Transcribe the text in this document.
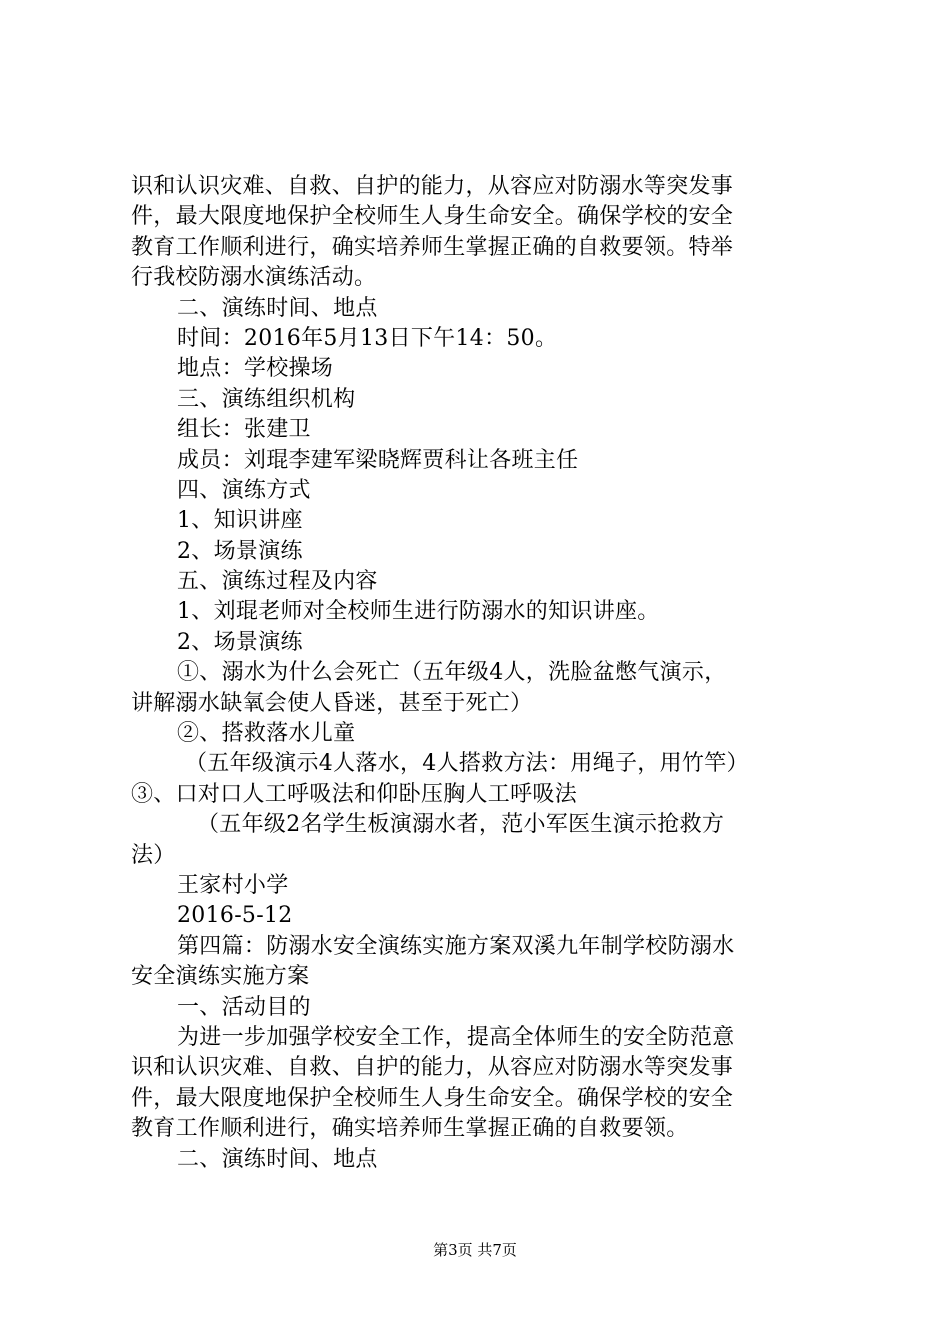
识和认识灾难、自救、自护的能力，从容应对防溺水等突发事
件，最大限度地保护全校师生人身生命安全。确保学校的安全
教育工作顺利进行，确实培养师生掌握正确的自救要领。特举
行我校防溺水演练活动。
二、演练时间、地点
时间：2016年5月13日下午14：50。
地点：学校操场
三、演练组织机构
组长：张建卫
成员：刘琨李建军梁晓辉贾科让各班主任
四、演练方式
1、知识讲座
2、场景演练
五、演练过程及内容
1、刘琨老师对全校师生进行防溺水的知识讲座。
2、场景演练
①、溺水为什么会死亡（五年级4人，洗脸盆憋气演示，
讲解溺水缺氧会使人昏迷，甚至于死亡）
②、搭救落水儿童
（五年级演示4人落水，4人搭救方法：用绳子，用竹竿）
③、口对口人工呼吸法和仰卧压胸人工呼吸法
（五年级2名学生板演溺水者，范小军医生演示抢救方
法）
王家村小学
2016-5-12
第四篇：防溺水安全演练实施方案双溪九年制学校防溺水
安全演练实施方案
一、活动目的
为进一步加强学校安全工作，提高全体师生的安全防范意
识和认识灾难、自救、自护的能力，从容应对防溺水等突发事
件，最大限度地保护全校师生人身生命安全。确保学校的安全
教育工作顺利进行，确实培养师生掌握正确的自救要领。
二、演练时间、地点
第3页 共7页
